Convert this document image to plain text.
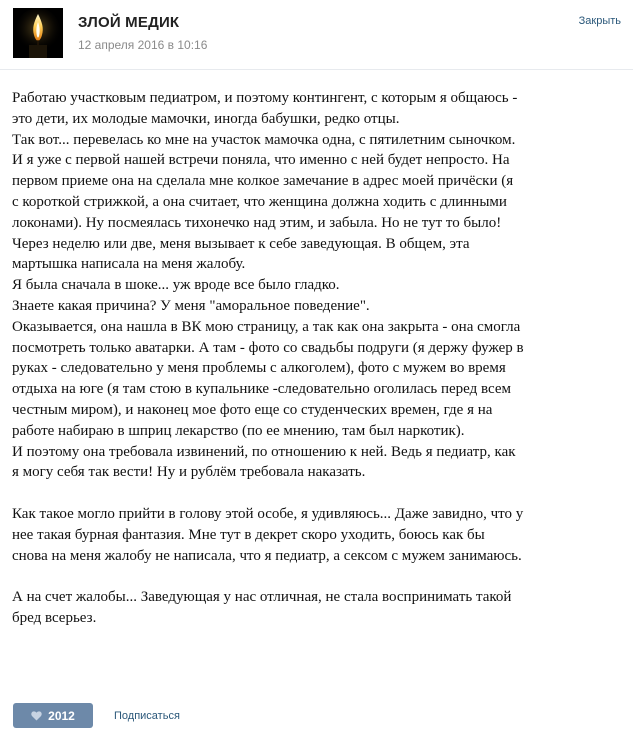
ЗЛОЙ МЕДИК
12 апреля 2016 в 10:16
Закрыть
Работаю участковым педиатром, и поэтому контингент, с которым я общаюсь -
это дети, их молодые мамочки, иногда бабушки, редко отцы.
Так вот... перевелась ко мне на участок мамочка одна, с пятилетним сыночком.
И я уже с первой нашей встречи поняла, что именно с ней будет непросто. На
первом приеме она на сделала мне колкое замечание в адрес моей причёски (я
с короткой стрижкой, а она считает, что женщина должна ходить с длинными
локонами). Ну посмеялась тихонечко над этим, и забыла. Но не тут то было!
Через неделю или две, меня вызывает к себе заведующая. В общем, эта
мартышка написала на меня жалобу.
Я была сначала в шоке... уж вроде все было гладко.
Знаете какая причина? У меня "аморальное поведение".
Оказывается, она нашла в ВК мою страницу, а так как она закрыта - она смогла
посмотреть только аватарки. А там - фото со свадьбы подруги (я держу фужер в
руках - следовательно у меня проблемы с алкоголем), фото с мужем во время
отдыха на юге (я там стою в купальнике -следовательно оголилась перед всем
честным миром), и наконец мое фото еще со студенческих времен, где я на
работе набираю в шприц лекарство (по ее мнению, там был наркотик).
И поэтому она требовала извинений, по отношению к ней. Ведь я педиатр, как
я могу себя так вести! Ну и рублём требовала наказать.
Как такое могло прийти в голову этой особе, я удивляюсь... Даже завидно, что у
нее такая бурная фантазия. Мне тут в декрет скоро уходить, боюсь как бы
снова на меня жалобу не написала, что я педиатр, а сексом с мужем занимаюсь.
А на счет жалобы... Заведующая у нас отличная, не стала воспринимать такой
бред всерьез.
2012	Подписаться
